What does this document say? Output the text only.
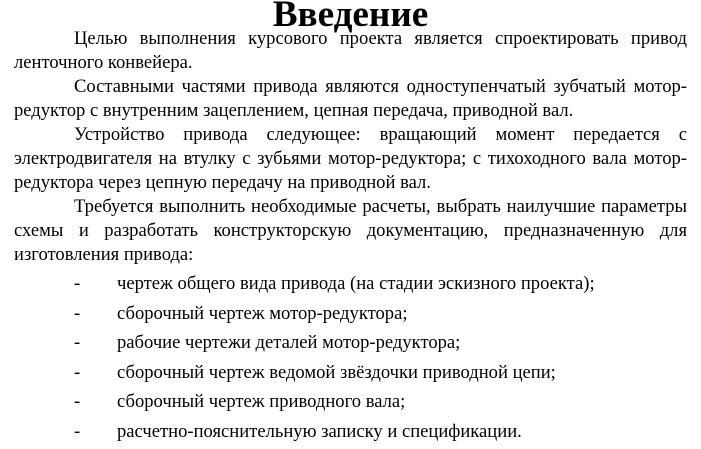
Введение

Целью выполнения курсового проекта является спроектировать привод ленточного конвейера.

Составными частями привода являются одноступенчатый зубчатый мотор-редуктор с внутренним зацеплением, цепная передача, приводной вал.

Устройство привода следующее: вращающий момент передается с электродвигателя на втулку с зубьями мотор-редуктора; с тихоходного вала мотор-редуктора через цепную передачу на приводной вал.

Требуется выполнить необходимые расчеты, выбрать наилучшие параметры схемы и разработать конструкторскую документацию, предназначенную для изготовления привода:

-	чертеж общего вида привода (на стадии эскизного проекта);
-	сборочный чертеж мотор-редуктора;
-	рабочие чертежи деталей мотор-редуктора;
-	сборочный чертеж ведомой звёздочки приводной цепи;
-	сборочный чертеж приводного вала;
-	расчетно-пояснительную записку и спецификации.
